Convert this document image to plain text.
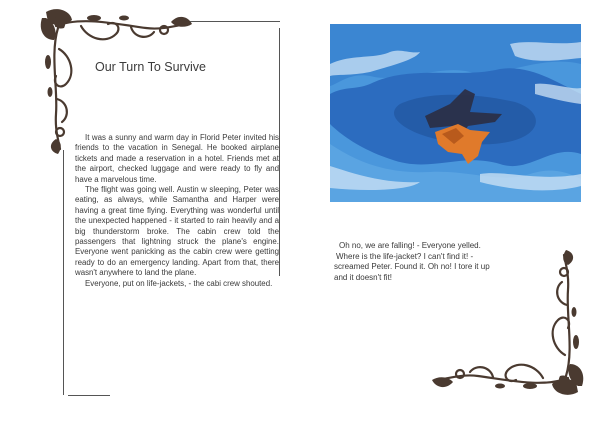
Our Turn To Survive

It was a sunny and warm day in Florid Peter invited his friends to the vacation in Senegal. He booked airplane tickets and made a reservation in a hotel. Friends met at the airport, checked luggage and were ready to fly and have a marvelous time.

The flight was going well. Austin w sleeping, Peter was eating, as always, while Samantha and Harper were having a great time flying. Everything was wonderful until the unexpected happened - it started to rain heavily and a big thunderstorm broke. The cabin crew told the passengers that lightning struck the plane's engine. Everyone went panicking as the cabin crew were getting ready to do an emergency landing. Apart from that, there wasn't anywhere to land the plane.

Everyone, put on life-jackets, - the cabi crew shouted.

Oh no, we are falling! - Everyone yelled.

Where is the life-jacket? I can't find it! -

screamed Peter. Found it. Oh no! I tore it up

and it doesn't fit!
